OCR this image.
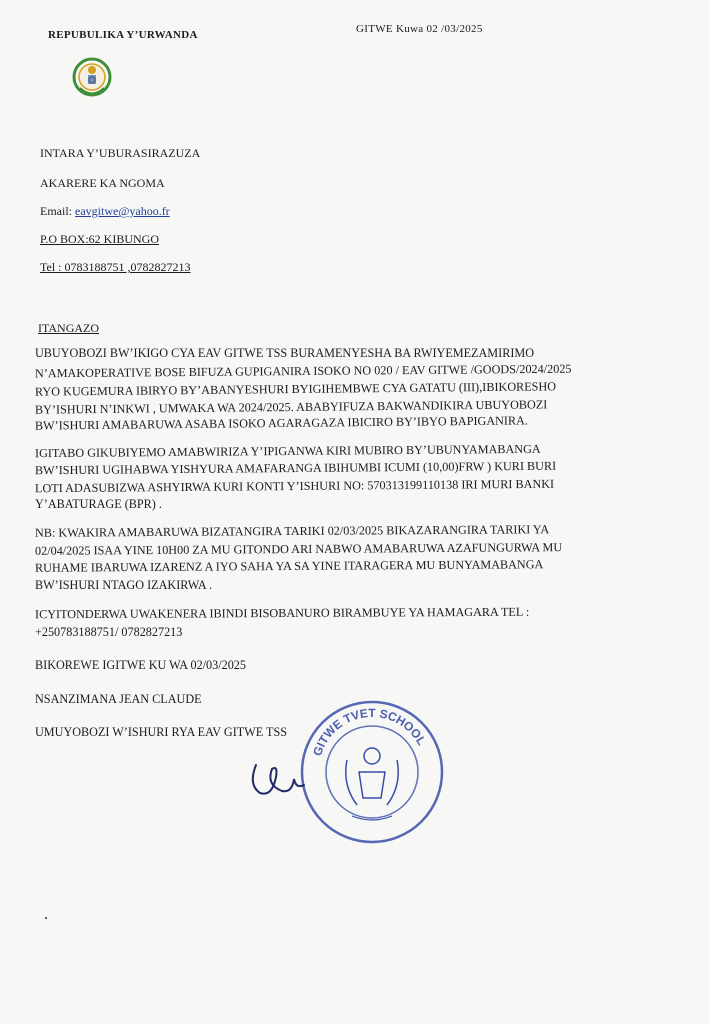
REPUBULIKA Y’URWANDA	GITWE Kuwa 02 /03/2025
INTARA Y’UBURASIRAZUZA
AKARERE KA NGOMA
Email: eavgitwe@yahoo.fr
P.O BOX:62 KIBUNGO
Tel : 0783188751 ,0782827213
ITANGAZO
UBUYOBOZI BW’IKIGO CYA EAV GITWE TSS BURAMENYESHA BA RWIYEMEZAMIRIMO
N’AMAKOPERATIVE BOSE BIFUZA GUPIGANIRA ISOKO NO 020 / EAV GITWE /GOODS/2024/2025
RYO KUGEMURA IBIRYO BY’ABANYESHURI BYIGIHEMBWE CYA GATATU (III),IBIKORESHO
BY’ISHURI N’INKWI , UMWAKA WA 2024/2025. ABABYIFUZA BAKWANDIKIRA UBUYOBOZI
BW’ISHURI AMABARUWA ASABA ISOKO AGARAGAZA IBICIRO BY’IBYO BAPIGANIRA.
IGITABO GIKUBIYEMO AMABWIRIZA Y’IPIGANWA KIRI MUBIRO BY’UBUNYAMABANGA
BW’ISHURI UGIHABWA YISHYURA AMAFARANGA IBIHUMBI ICUMI (10,00)FRW ) KURI BURI
LOTI ADASUBIZWA ASHYIRWA KURI KONTI Y’ISHURI NO: 570313199110138 IRI MURI BANKI
Y’ABATURAGE (BPR) .
NB: KWAKIRA AMABARUWA BIZATANGIRA TARIKI 02/03/2025 BIKAZARANGIRA TARIKI YA
02/04/2025 ISAA YINE 10H00 ZA MU GITONDO ARI NABWO AMABARUWA AZAFUNGURWA MU
RUHAME IBARUWA IZARENZ A IYO SAHA YA SA YINE ITARAGERA MU BUNYAMABANGA
BW’ISHURI NTAGO IZAKIRWA .
ICYITONDERWA UWAKENERA IBINDI BISOBANURO BIRAMBUYE YA HAMAGARA TEL :
+250783188751/ 0782827213
BIKOREWE IGITWE KU WA 02/03/2025
NSANZIMANA JEAN CLAUDE
UMUYOBOZI W’ISHURI RYA EAV GITWE TSS
GITWE TVET SCHOOL
